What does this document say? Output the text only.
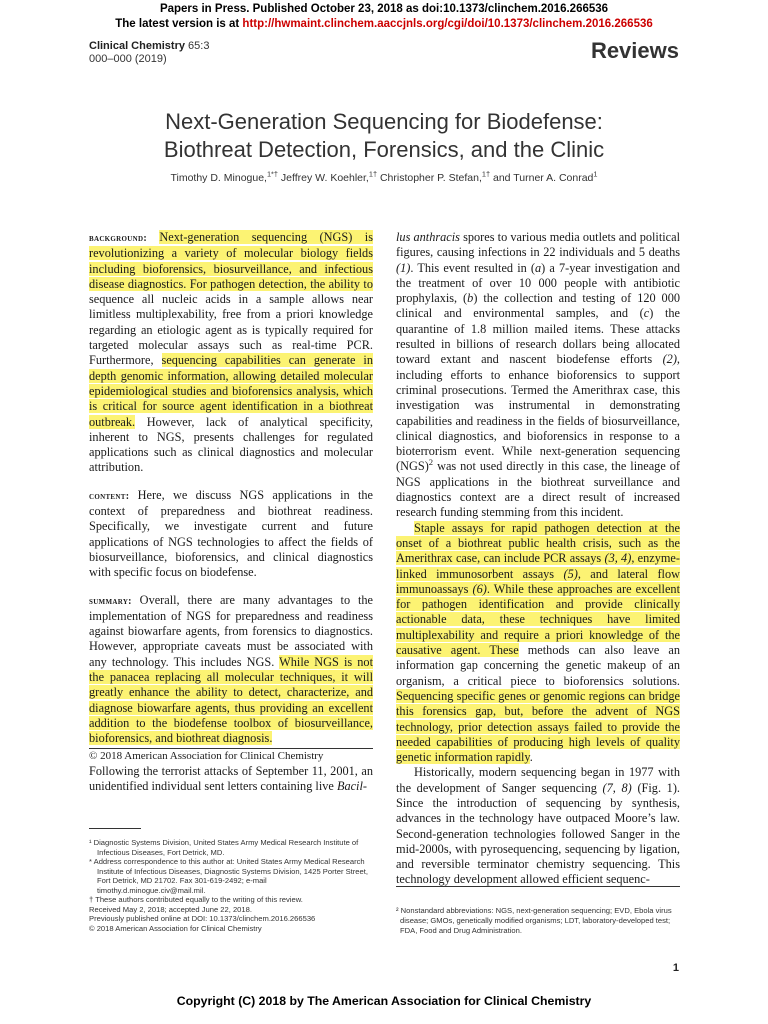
Papers in Press. Published October 23, 2018 as doi:10.1373/clinchem.2016.266536
The latest version is at http://hwmaint.clinchem.aaccjnls.org/cgi/doi/10.1373/clinchem.2016.266536
Clinical Chemistry 65:3
000–000 (2019)	Reviews
Next-Generation Sequencing for Biodefense:
Biothreat Detection, Forensics, and the Clinic
Timothy D. Minogue,$^{1*\dagger}$ Jeffrey W. Koehler,$^{1\dagger}$ Christopher P. Stefan,$^{1\dagger}$ and Turner A. Conrad$^1$

background: Next-generation sequencing (NGS) is revolutionizing a variety of molecular biology fields including bioforensics, biosurveillance, and infectious disease diagnostics. For pathogen detection, the ability to sequence all nucleic acids in a sample allows near limitless multiplexability, free from a priori knowledge regarding an etiologic agent as is typically required for targeted molecular assays such as real-time PCR. Furthermore, sequencing capabilities can generate in depth genomic information, allowing detailed molecular epidemiological studies and bioforensics analysis, which is critical for source agent identification in a biothreat outbreak. However, lack of analytical specificity, inherent to NGS, presents challenges for regulated applications such as clinical diagnostics and molecular attribution.

content: Here, we discuss NGS applications in the context of preparedness and biothreat readiness. Specifically, we investigate current and future applications of NGS technologies to affect the fields of biosurveillance, bioforensics, and clinical diagnostics with specific focus on biodefense.

summary: Overall, there are many advantages to the implementation of NGS for preparedness and readiness against biowarfare agents, from forensics to diagnostics. However, appropriate caveats must be associated with any technology. This includes NGS. While NGS is not the panacea replacing all molecular techniques, it will greatly enhance the ability to detect, characterize, and diagnose biowarfare agents, thus providing an excellent addition to the biodefense toolbox of biosurveillance, bioforensics, and biothreat diagnosis.

© 2018 American Association for Clinical Chemistry

Following the terrorist attacks of September 11, 2001, an unidentified individual sent letters containing live Bacil-

¹ Diagnostic Systems Division, United States Army Medical Research Institute of Infectious Diseases, Fort Detrick, MD.

* Address correspondence to this author at: United States Army Medical Research Institute of Infectious Diseases, Diagnostic Systems Division, 1425 Porter Street, Fort Detrick, MD 21702. Fax 301-619-2492; e-mail timothy.d.minogue.civ@mail.mil.

† These authors contributed equally to the writing of this review.

Received May 2, 2018; accepted June 22, 2018.

Previously published online at DOI: 10.1373/clinchem.2016.266536

© 2018 American Association for Clinical Chemistry

lus anthracis spores to various media outlets and political figures, causing infections in 22 individuals and 5 deaths (1). This event resulted in (a) a 7-year investigation and the treatment of over 10 000 people with antibiotic prophylaxis, (b) the collection and testing of 120 000 clinical and environmental samples, and (c) the quarantine of 1.8 million mailed items. These attacks resulted in billions of research dollars being allocated toward extant and nascent biodefense efforts (2), including efforts to enhance bioforensics to support criminal prosecutions. Termed the Amerithrax case, this investigation was instrumental in demonstrating capabilities and readiness in the fields of biosurveillance, clinical diagnostics, and bioforensics in response to a bioterrorism event. While next-generation sequencing (NGS)$^2$ was not used directly in this case, the lineage of NGS applications in the biothreat surveillance and diagnostics context are a direct result of increased research funding stemming from this incident.

Staple assays for rapid pathogen detection at the onset of a biothreat public health crisis, such as the Amerithrax case, can include PCR assays (3, 4), enzyme-linked immunosorbent assays (5), and lateral flow immunoassays (6). While these approaches are excellent for pathogen identification and provide clinically actionable data, these techniques have limited multiplexability and require a priori knowledge of the causative agent. These methods can also leave an information gap concerning the genetic makeup of an organism, a critical piece to bioforensics solutions. Sequencing specific genes or genomic regions can bridge this forensics gap, but, before the advent of NGS technology, prior detection assays failed to provide the needed capabilities of producing high levels of quality genetic information rapidly.

Historically, modern sequencing began in 1977 with the development of Sanger sequencing (7, 8) (Fig. 1). Since the introduction of sequencing by synthesis, advances in the technology have outpaced Moore’s law. Second-generation technologies followed Sanger in the mid-2000s, with pyrosequencing, sequencing by ligation, and reversible terminator chemistry sequencing. This technology development allowed efficient sequenc-

² Nonstandard abbreviations: NGS, next-generation sequencing; EVD, Ebola virus disease; GMOs, genetically modified organisms; LDT, laboratory-developed test; FDA, Food and Drug Administration.

1
Copyright (C) 2018 by The American Association for Clinical Chemistry
